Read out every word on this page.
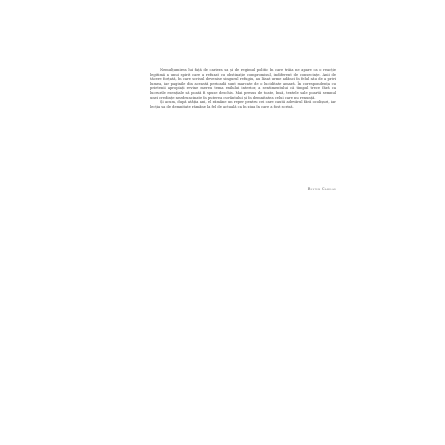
Nemulțumirea lui față de cariera sa și de regimul politic în care trăia ne apare ca o reacție legitimă a unui spirit care a refuzat cu obstinație compromisul, indiferent de consecințe. Anii de tăcere forțată, în care scrisul devenise singurul refugiu, au lăsat urme adânci în felul său de a privi lumea, iar paginile din această perioadă sunt marcate de o luciditate amară. În corespondența cu prietenii apropiați revine mereu tema exilului interior, a sentimentului că timpul trece fără ca lucrurile esențiale să poată fi spuse deschis. Mai presus de toate, însă, textele sale poartă semnul unei credințe nezdruncinate în puterea cuvântului și în demnitatea celui care nu renunță.

Și acum, după atâția ani, el rămâne un reper pentru cei care caută adevărul fără ocolișuri, iar lecția sa de demnitate rămâne la fel de actuală ca în ziua în care a fost scrisă.

Rustem Camilar
